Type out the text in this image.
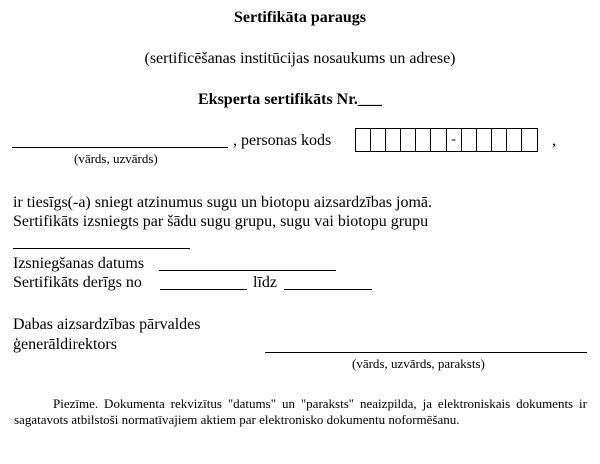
Sertifikāta paraugs
(sertificēšanas institūcijas nosaukums un adrese)
Eksperta sertifikāts Nr.___
, personas kods	-	,
(vārds, uzvārds)
ir tiesīgs(-a) sniegt atzinumus sugu un biotopu aizsardzības jomā.
Sertifikāts izsniegts par šādu sugu grupu, sugu vai biotopu grupu
Izsniegšanas datums
Sertifikāts derīgs no	līdz
Dabas aizsardzības pārvaldes
ģenerāldirektors
(vārds, uzvārds, paraksts)
Piezīme. Dokumenta rekvizītus "datums" un "paraksts" neaizpilda, ja elektroniskais dokuments ir sagatavots atbilstoši normatīvajiem aktiem par elektronisko dokumentu noformēšanu.
